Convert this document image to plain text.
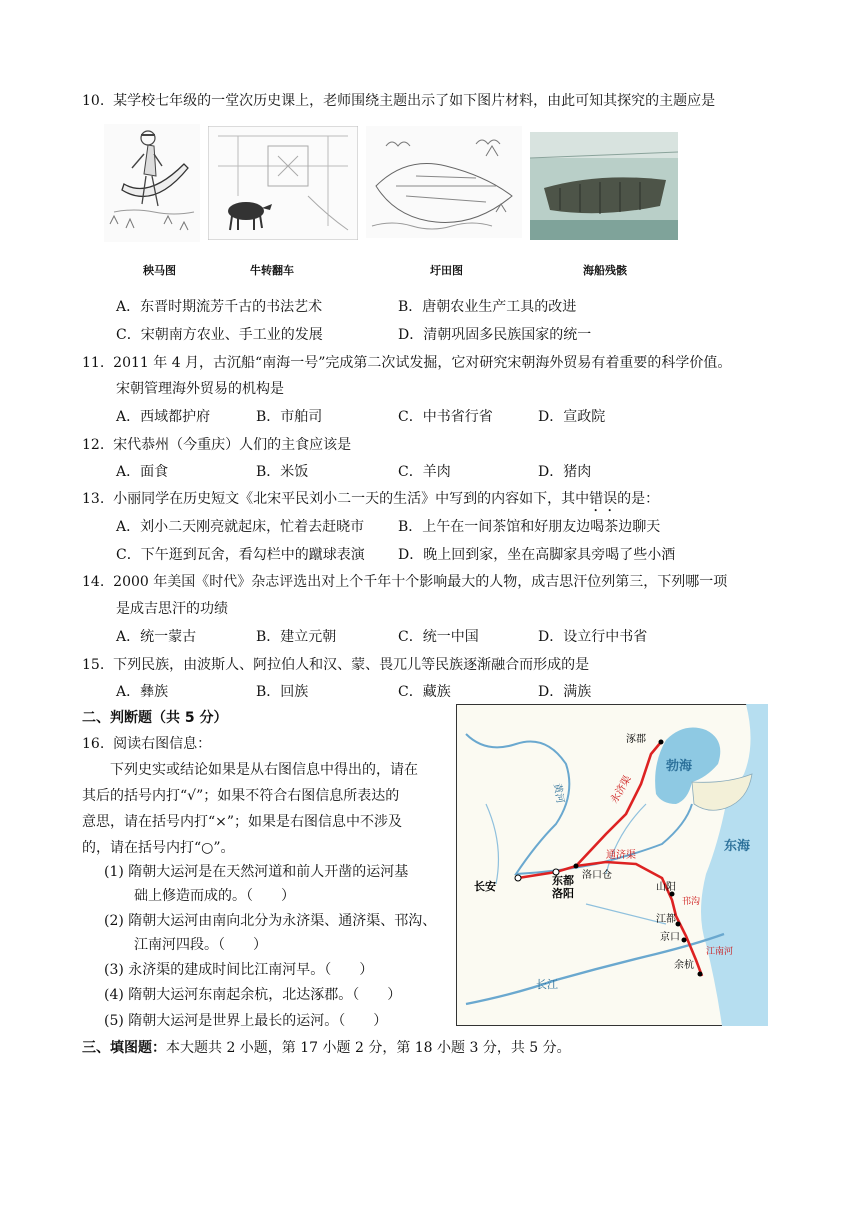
10. 某学校七年级的一堂次历史课上，老师围绕主题出示了如下图片材料，由此可知其探究的主题应是
秧马图	牛转翻车	圩田图	海船残骸
A．东晋时期流芳千古的书法艺术	B．唐朝农业生产工具的改进
C．宋朝南方农业、手工业的发展	D．清朝巩固多民族国家的统一
11. 2011 年 4 月，古沉船“南海一号”完成第二次试发掘，它对研究宋朝海外贸易有着重要的科学价值。
宋朝管理海外贸易的机构是
A．西域都护府	B．市舶司	C．中书省行省	D．宣政院
12. 宋代恭州（今重庆）人们的主食应该是
A．面食	B．米饭	C．羊肉	D．猪肉
13. 小丽同学在历史短文《北宋平民刘小二一天的生活》中写到的内容如下，其中错误的是：
A．刘小二天刚亮就起床，忙着去赶晓市 B．上午在一间茶馆和好朋友边喝茶边聊天
C．下午逛到瓦舍，看勾栏中的蹴球表演 D．晚上回到家，坐在高脚家具旁喝了些小酒
14. 2000 年美国《时代》杂志评选出对上个千年十个影响最大的人物，成吉思汗位列第三，下列哪一项
是成吉思汗的功绩
A．统一蒙古	B．建立元朝	C．统一中国	D．设立行中书省
15. 下列民族，由波斯人、阿拉伯人和汉、蒙、畏兀儿等民族逐渐融合而形成的是
A．彝族	B．回族	C．藏族	D．满族
二、判断题（共 5 分）
16. 阅读右图信息：
下列史实或结论如果是从右图信息中得出的，请在
其后的括号内打“√”；如果不符合右图信息所表达的
意思，请在括号内打“×”；如果是右图信息中不涉及
的，请在括号内打“○”。
(1) 隋朝大运河是在天然河道和前人开凿的运河基
础上修造而成的。（　　）
(2) 隋朝大运河由南向北分为永济渠、通济渠、邗沟、
江南河四段。（　　）
(3) 永济渠的建成时间比江南河早。（　　）
(4) 隋朝大运河东南起余杭，北达涿郡。（　　）
(5) 隋朝大运河是世界上最长的运河。（　　）
涿郡
勃海
东海
长安	东都
洛阳
洛口仓
山阳
江都
京口
余杭
永济渠
通济渠
黄河
长江
邗沟
江南河
三、填图题：本大题共 2 小题，第 17 小题 2 分，第 18 小题 3 分，共 5 分。
